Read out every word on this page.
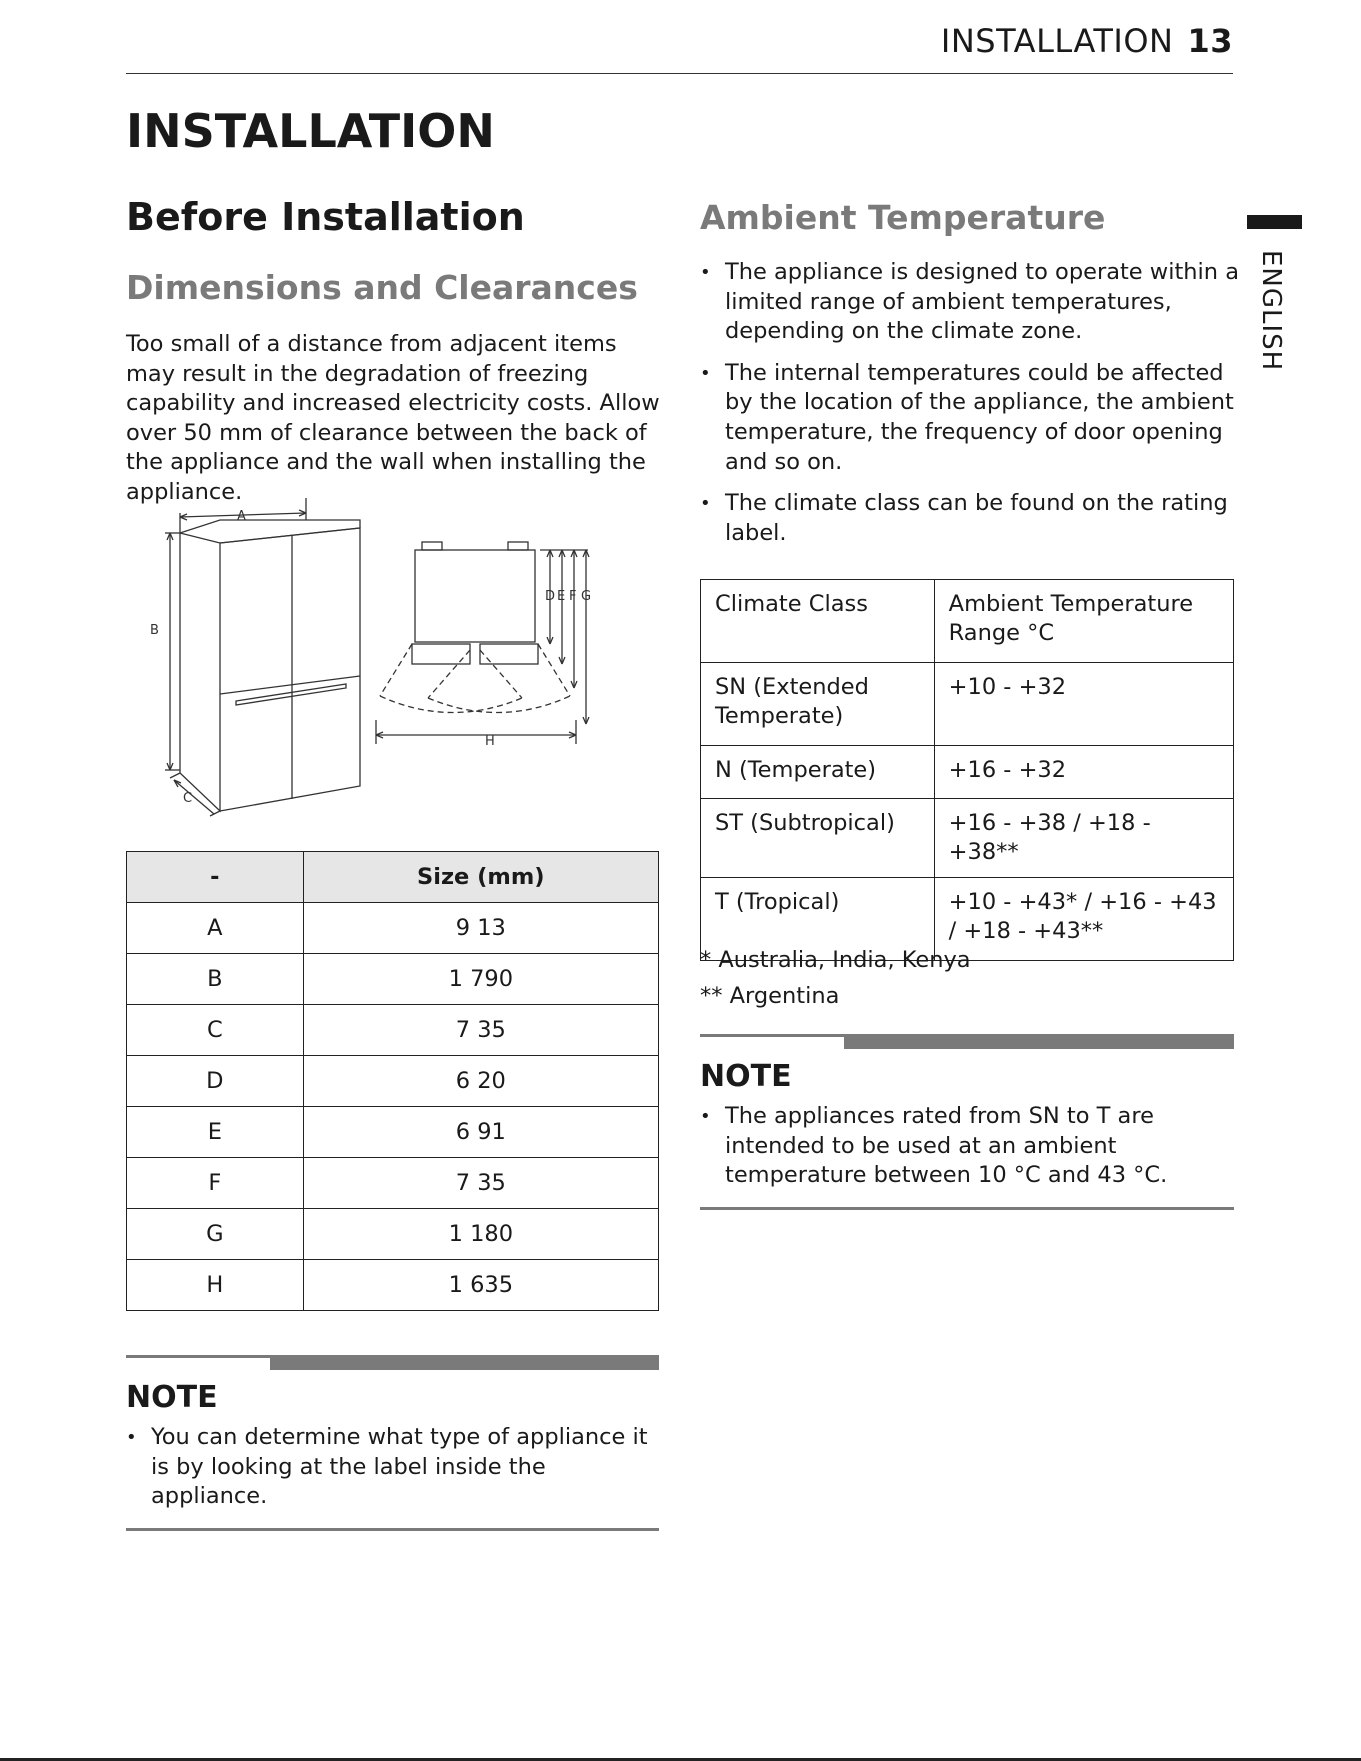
INSTALLATION 13
INSTALLATION
ENGLISH
Before Installation
Dimensions and Clearances
Too small of a distance from adjacent items may result in the degradation of freezing capability and increased electricity costs. Allow over 50 mm of clearance between the back of the appliance and the wall when installing the appliance.
A
B
C
D E F G
H
-	Size (mm)
A	9 13
B	1 790
C	7 35
D	6 20
E	6 91
F	7 35
G	1 180
H	1 635
NOTE
• You can determine what type of appliance it is by looking at the label inside the appliance.
Ambient Temperature
• The appliance is designed to operate within a limited range of ambient temperatures, depending on the climate zone.
• The internal temperatures could be affected by the location of the appliance, the ambient temperature, the frequency of door opening and so on.
• The climate class can be found on the rating label.
Climate Class	Ambient Temperature Range °C
SN (Extended Temperate)	+10 - +32
N (Temperate)	+16 - +32
ST (Subtropical)	+16 - +38 / +18 - +38**
T (Tropical)	+10 - +43* / +16 - +43 / +18 - +43**
* Australia, India, Kenya
** Argentina
NOTE
• The appliances rated from SN to T are intended to be used at an ambient temperature between 10 °C and 43 °C.
